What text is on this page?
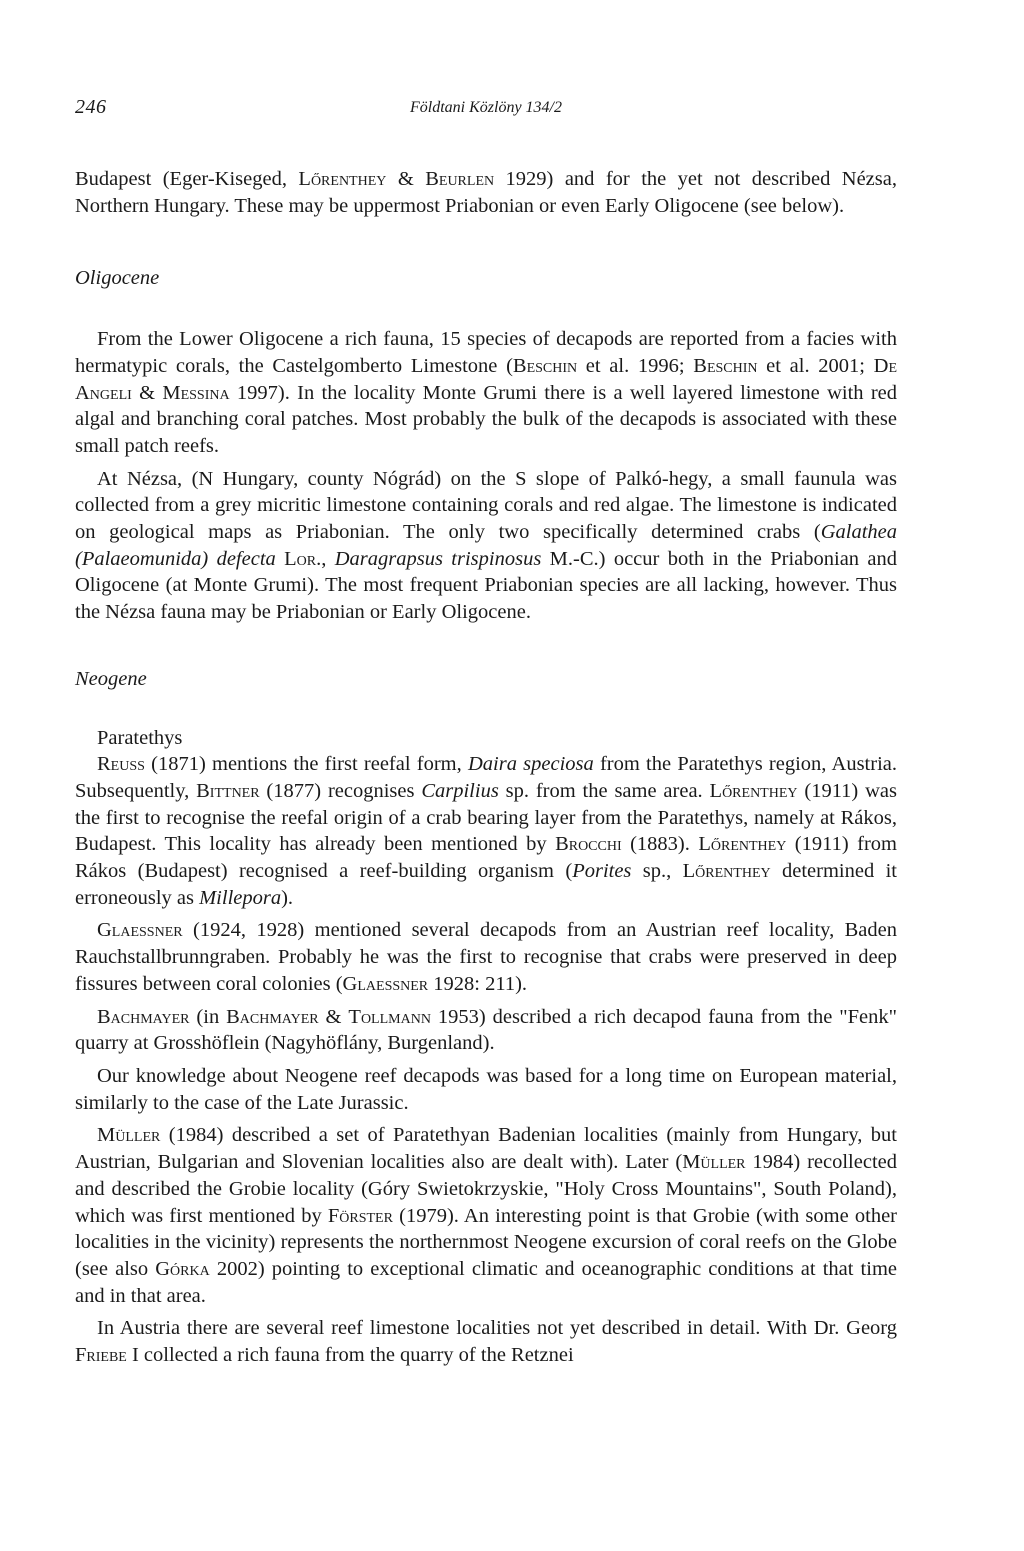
246	Földtani Közlöny 134/2

Budapest (Eger-Kiseged, Lőrenthey & Beurlen 1929) and for the yet not described Nézsa, Northern Hungary. These may be uppermost Priabonian or even Early Oligocene (see below).

Oligocene

From the Lower Oligocene a rich fauna, 15 species of decapods are reported from a facies with hermatypic corals, the Castelgomberto Limestone (Beschin et al. 1996; Beschin et al. 2001; De Angeli & Messina 1997). In the locality Monte Grumi there is a well layered limestone with red algal and branching coral patches. Most probably the bulk of the decapods is associated with these small patch reefs.

At Nézsa, (N Hungary, county Nógrád) on the S slope of Palkó-hegy, a small faunula was collected from a grey micritic limestone containing corals and red algae. The limestone is indicated on geological maps as Priabonian. The only two specifically determined crabs (Galathea (Palaeomunida) defecta Lor., Daragrapsus trispinosus M.-C.) occur both in the Priabonian and Oligocene (at Monte Grumi). The most frequent Priabonian species are all lacking, however. Thus the Nézsa fauna may be Priabonian or Early Oligocene.

Neogene

Paratethys

Reuss (1871) mentions the first reefal form, Daira speciosa from the Paratethys region, Austria. Subsequently, Bittner (1877) recognises Carpilius sp. from the same area. Lőrenthey (1911) was the first to recognise the reefal origin of a crab bearing layer from the Paratethys, namely at Rákos, Budapest. This locality has already been mentioned by Brocchi (1883). Lőrenthey (1911) from Rákos (Budapest) recognised a reef-building organism (Porites sp., Lőrenthey determined it erroneously as Millepora).

Glaessner (1924, 1928) mentioned several decapods from an Austrian reef locality, Baden Rauchstallbrunngraben. Probably he was the first to recognise that crabs were preserved in deep fissures between coral colonies (Glaessner 1928: 211).

Bachmayer (in Bachmayer & Tollmann 1953) described a rich decapod fauna from the "Fenk" quarry at Grosshöflein (Nagyhöflány, Burgenland).

Our knowledge about Neogene reef decapods was based for a long time on European material, similarly to the case of the Late Jurassic.

Müller (1984) described a set of Paratethyan Badenian localities (mainly from Hungary, but Austrian, Bulgarian and Slovenian localities also are dealt with). Later (Müller 1984) recollected and described the Grobie locality (Góry Swietokrzyskie, "Holy Cross Mountains", South Poland), which was first mentioned by Förster (1979). An interesting point is that Grobie (with some other localities in the vicinity) represents the northernmost Neogene excursion of coral reefs on the Globe (see also Górka 2002) pointing to exceptional climatic and oceanographic conditions at that time and in that area.

In Austria there are several reef limestone localities not yet described in detail. With Dr. Georg Friebe I collected a rich fauna from the quarry of the Retznei
